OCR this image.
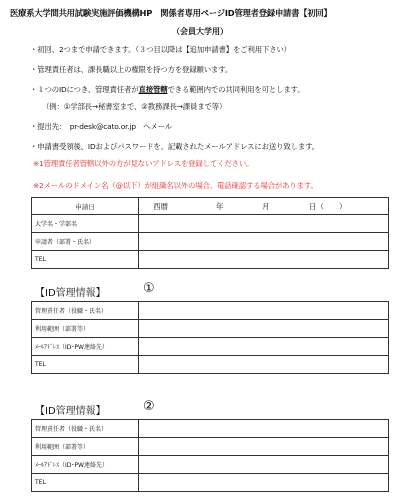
医療系大学間共用試験実施評価機構HP　関係者専用ページID管理者登録申請書【初回】
（会員大学用）
・初回、2つまで申請できます。（３つ目以降は【追加申請書】をご利用下さい）
・管理責任者は、課長職以上の権限を持つ方を登録願います。
・１つのIDにつき、管理責任者が直接管轄できる範囲内での共同利用を可とします。
（例：①学部長→秘書室まで、②教務課長→課員まで等）
・提出先：　pr-desk@cato.or.jp　へメール
・申請書受領後、IDおよびパスワードを、記載されたメールアドレスにお送り致します。
※1管理責任者管轄以外の方が見ないアドレスを登録してください。
※2メールのドメイン名（@以下）が組織名以外の場合、電話確認する場合があります。
申請日	西暦 年 月 日（　　）

大学名・学部名	
申請者（部署・氏名）	
TEL	
【ID管理情報】	①
管理責任者（役職・氏名）	
利用範囲（部署等）	
ﾒｰﾙｱﾄﾞﾚｽ（ID･PW連絡先）	
TEL	
【ID管理情報】	②
管理責任者（役職・氏名）	
利用範囲（部署等）	
ﾒｰﾙｱﾄﾞﾚｽ（ID･PW連絡先）	
TEL	
